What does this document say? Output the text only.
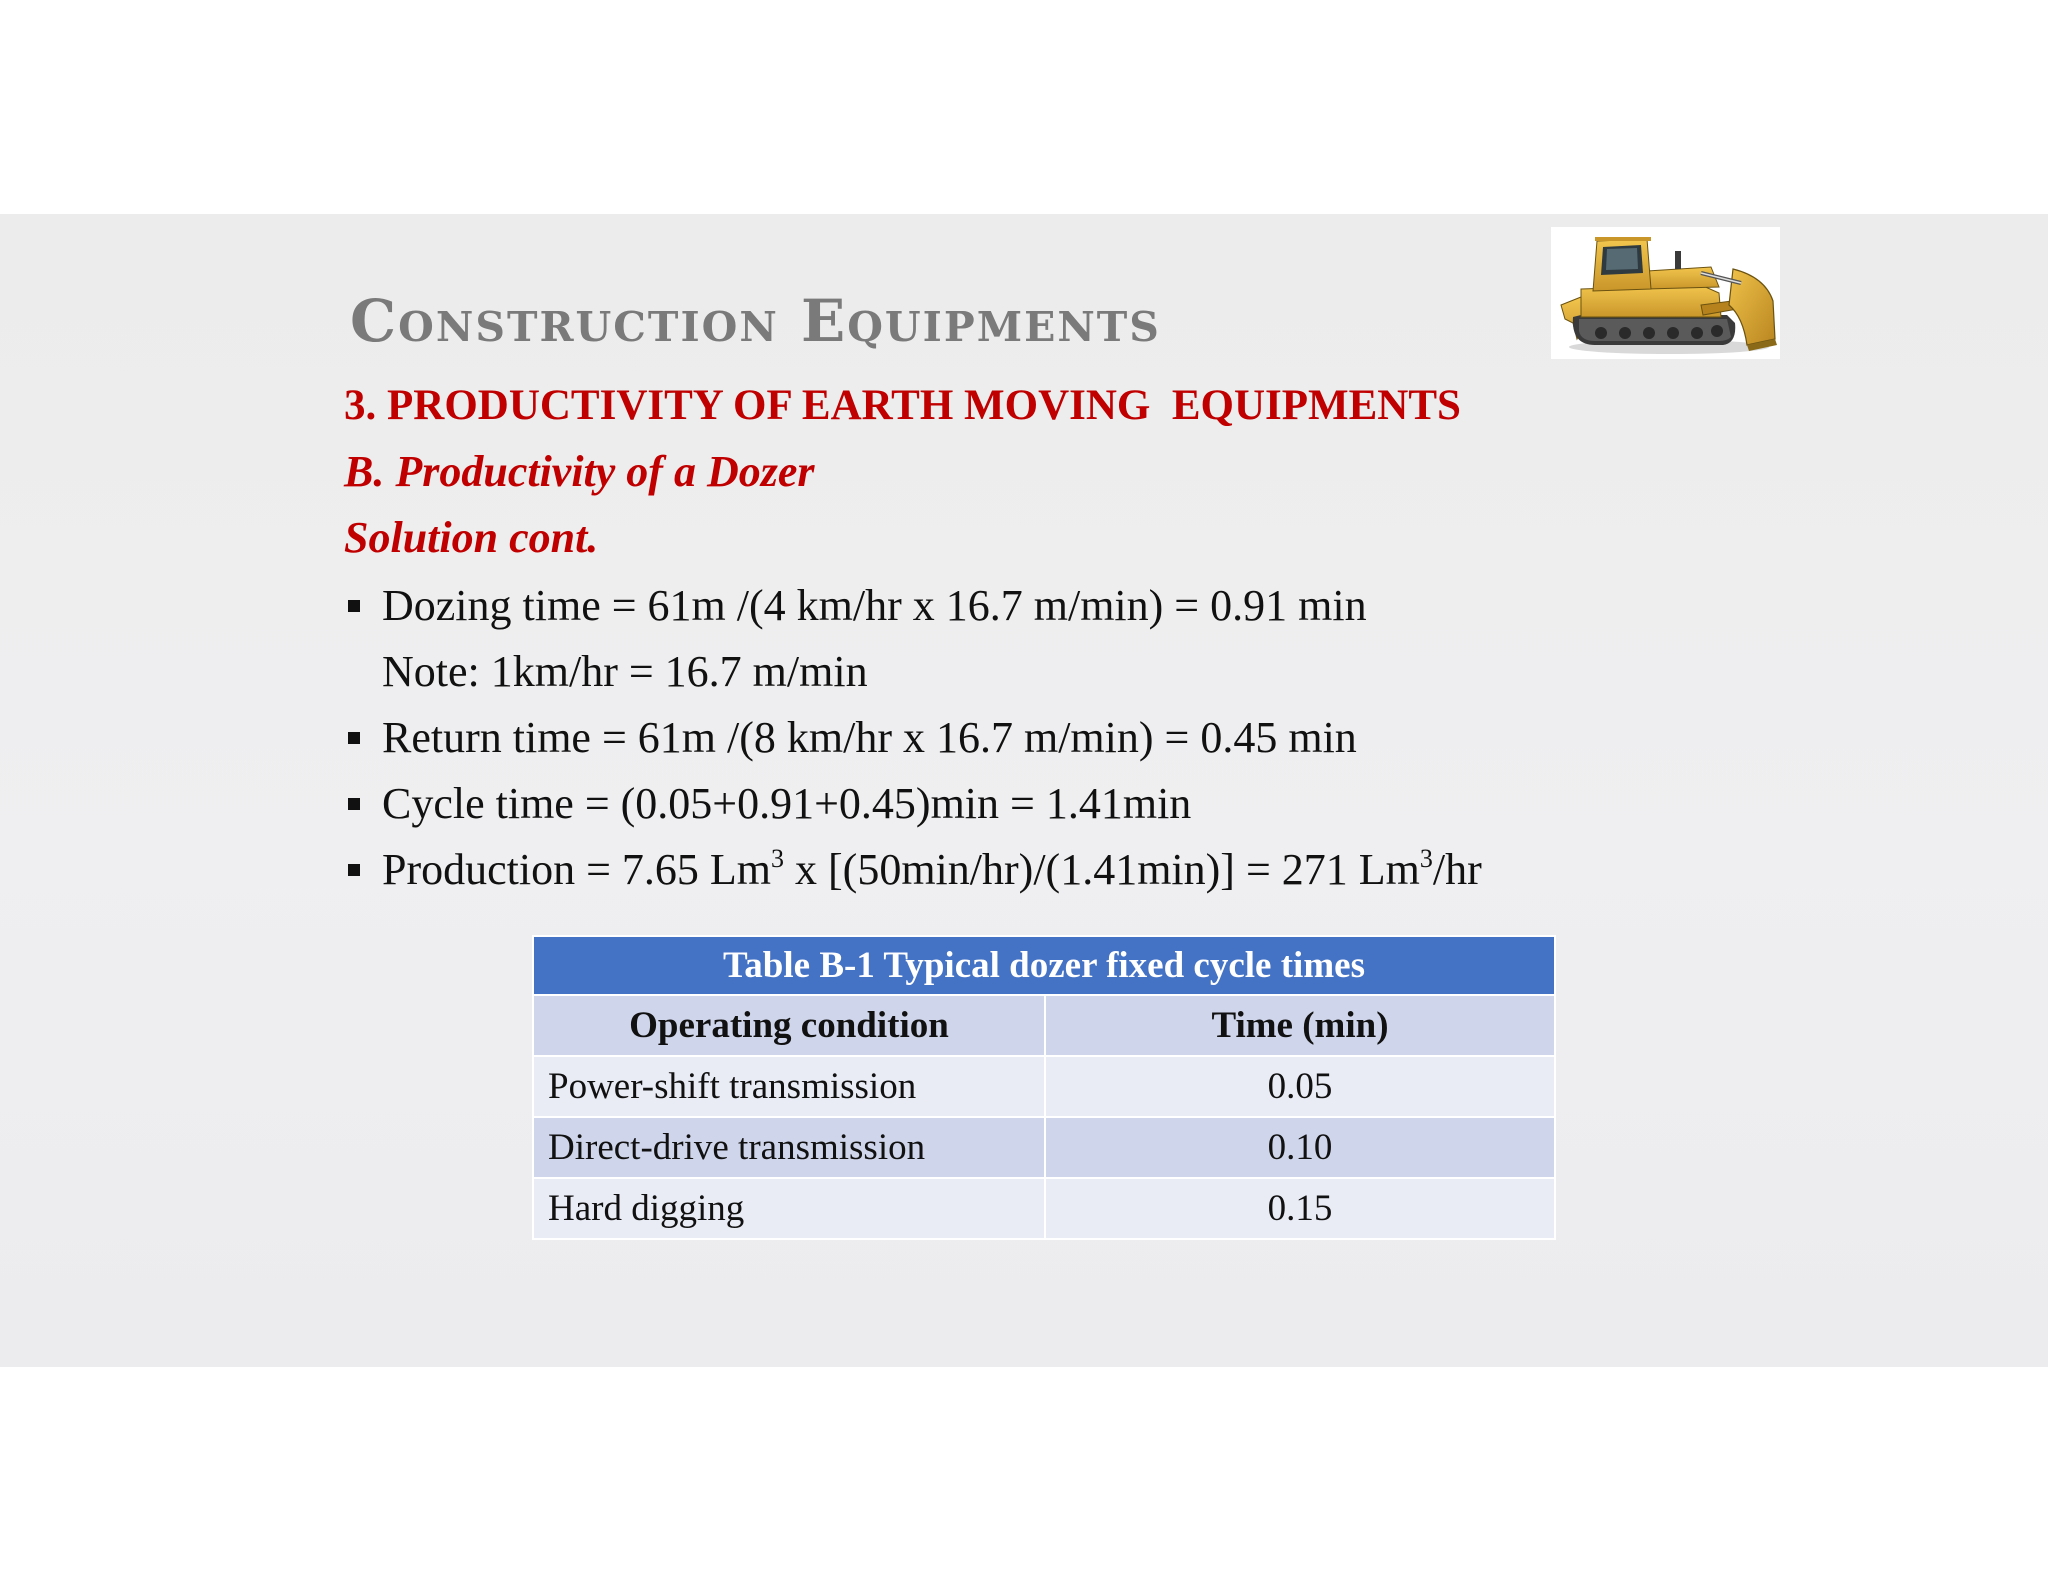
Construction Equipments
3. PRODUCTIVITY OF EARTH MOVING  EQUIPMENTS
B. Productivity of a Dozer
Solution cont.
Dozing time = 61m /(4 km/hr x 16.7 m/min) = 0.91 min
Note: 1km/hr = 16.7 m/min
Return time = 61m /(8 km/hr x 16.7 m/min) = 0.45 min
Cycle time = (0.05+0.91+0.45)min = 1.41min
Production = 7.65 Lm$^3$ x [(50min/hr)/(1.41min)] = 271 Lm$^3$/hr
Table B-1 Typical dozer fixed cycle times	
Operating condition	Time (min)
Power-shift transmission	0.05
Direct-drive transmission	0.10
Hard digging	0.15
